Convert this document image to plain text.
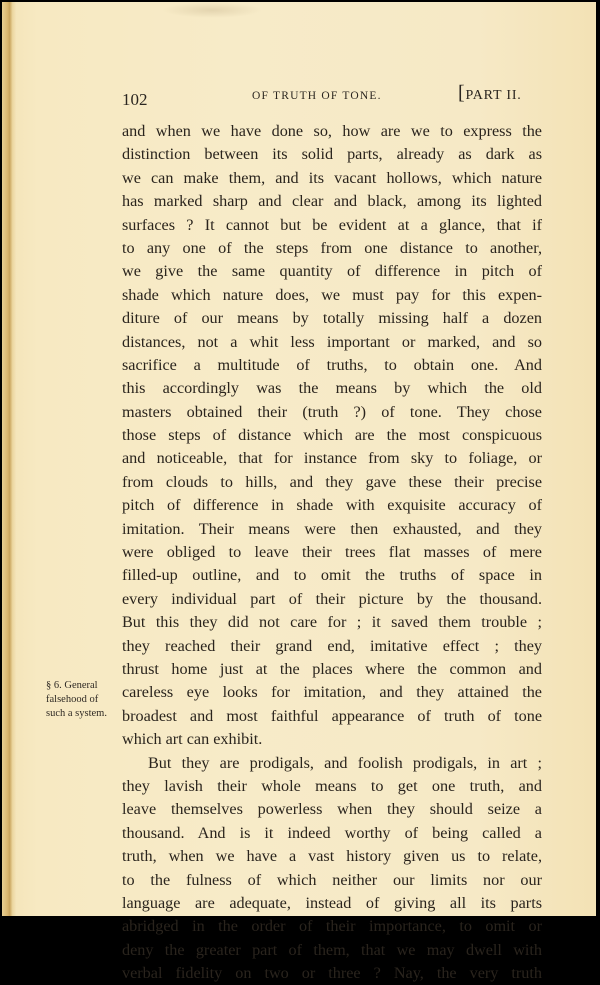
102	OF TRUTH OF TONE.	[PART II.
§ 6. General
falsehood of
such a system.
and when we have done so, how are we to express the
distinction between its solid parts, already as dark as
we can make them, and its vacant hollows, which nature
has marked sharp and clear and black, among its lighted
surfaces ? It cannot but be evident at a glance, that if
to any one of the steps from one distance to another,
we give the same quantity of difference in pitch of
shade which nature does, we must pay for this expen-
diture of our means by totally missing half a dozen
distances, not a whit less important or marked, and so
sacrifice a multitude of truths, to obtain one. And
this accordingly was the means by which the old
masters obtained their (truth ?) of tone. They chose
those steps of distance which are the most conspicuous
and noticeable, that for instance from sky to foliage, or
from clouds to hills, and they gave these their precise
pitch of difference in shade with exquisite accuracy of
imitation. Their means were then exhausted, and they
were obliged to leave their trees flat masses of mere
filled-up outline, and to omit the truths of space in
every individual part of their picture by the thousand.
But this they did not care for ; it saved them trouble ;
they reached their grand end, imitative effect ; they
thrust home just at the places where the common and
careless eye looks for imitation, and they attained the
broadest and most faithful appearance of truth of tone
which art can exhibit.
But they are prodigals, and foolish prodigals, in art ;
they lavish their whole means to get one truth, and
leave themselves powerless when they should seize a
thousand. And is it indeed worthy of being called a
truth, when we have a vast history given us to relate,
to the fulness of which neither our limits nor our
language are adequate, instead of giving all its parts
abridged in the order of their importance, to omit or
deny the greater part of them, that we may dwell with
verbal fidelity on two or three ? Nay, the very truth
